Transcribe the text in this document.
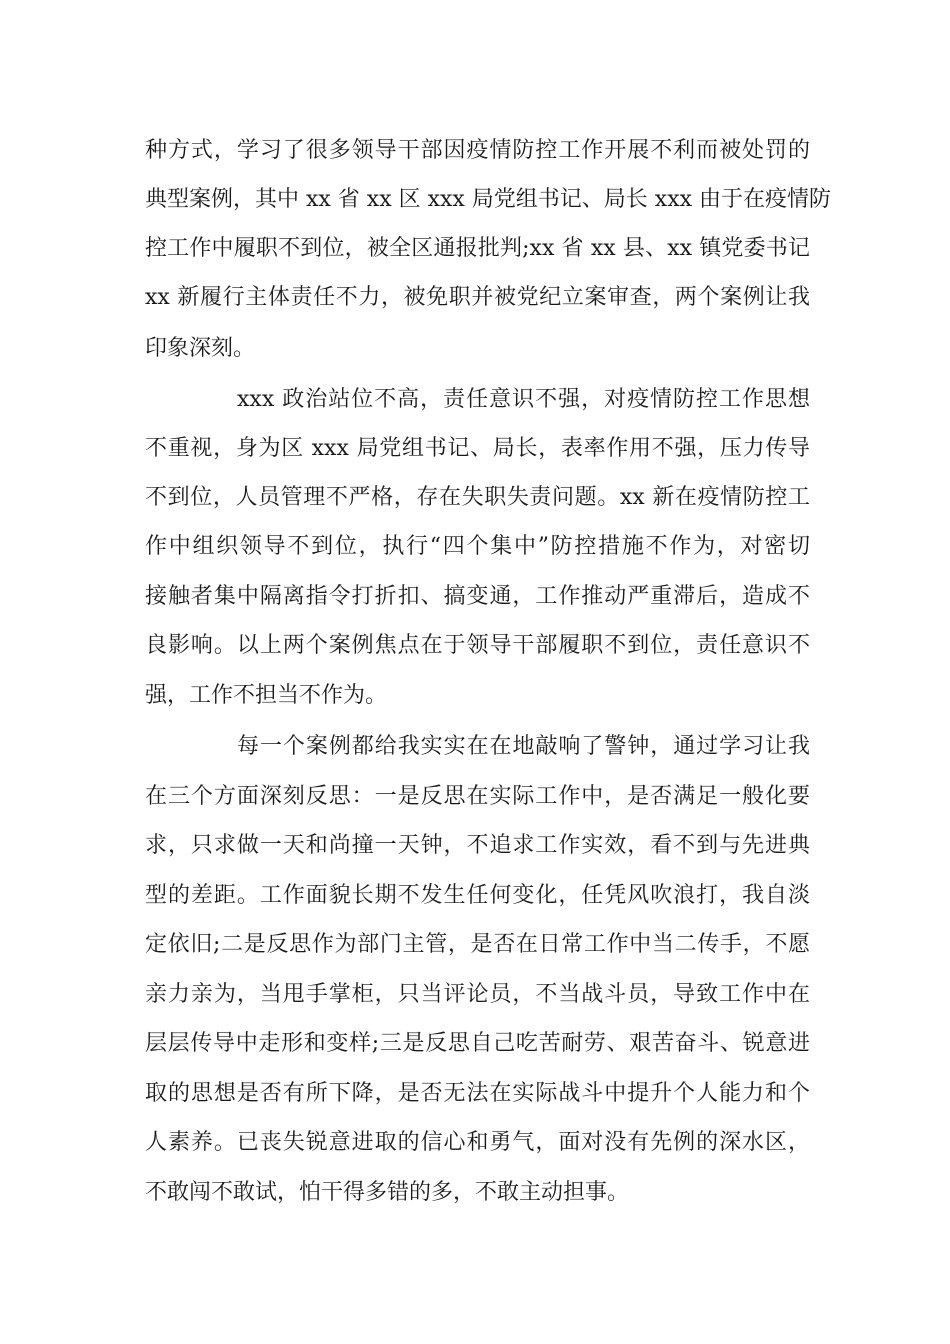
种方式，学习了很多领导干部因疫情防控工作开展不利而被处罚的
典型案例，其中 xx 省 xx 区 xxx 局党组书记、局长 xxx 由于在疫情防
控工作中履职不到位，被全区通报批判;xx 省 xx 县、xx 镇党委书记
xx 新履行主体责任不力，被免职并被党纪立案审查，两个案例让我
印象深刻。
xxx 政治站位不高，责任意识不强，对疫情防控工作思想
不重视，身为区 xxx 局党组书记、局长，表率作用不强，压力传导
不到位，人员管理不严格，存在失职失责问题。xx 新在疫情防控工
作中组织领导不到位，执行“四个集中”防控措施不作为，对密切
接触者集中隔离指令打折扣、搞变通，工作推动严重滞后，造成不
良影响。以上两个案例焦点在于领导干部履职不到位，责任意识不
强，工作不担当不作为。
每一个案例都给我实实在在地敲响了警钟，通过学习让我
在三个方面深刻反思：一是反思在实际工作中，是否满足一般化要
求，只求做一天和尚撞一天钟，不追求工作实效，看不到与先进典
型的差距。工作面貌长期不发生任何变化，任凭风吹浪打，我自淡
定依旧;二是反思作为部门主管，是否在日常工作中当二传手，不愿
亲力亲为，当甩手掌柜，只当评论员，不当战斗员，导致工作中在
层层传导中走形和变样;三是反思自己吃苦耐劳、艰苦奋斗、锐意进
取的思想是否有所下降，是否无法在实际战斗中提升个人能力和个
人素养。已丧失锐意进取的信心和勇气，面对没有先例的深水区，
不敢闯不敢试，怕干得多错的多，不敢主动担事。
